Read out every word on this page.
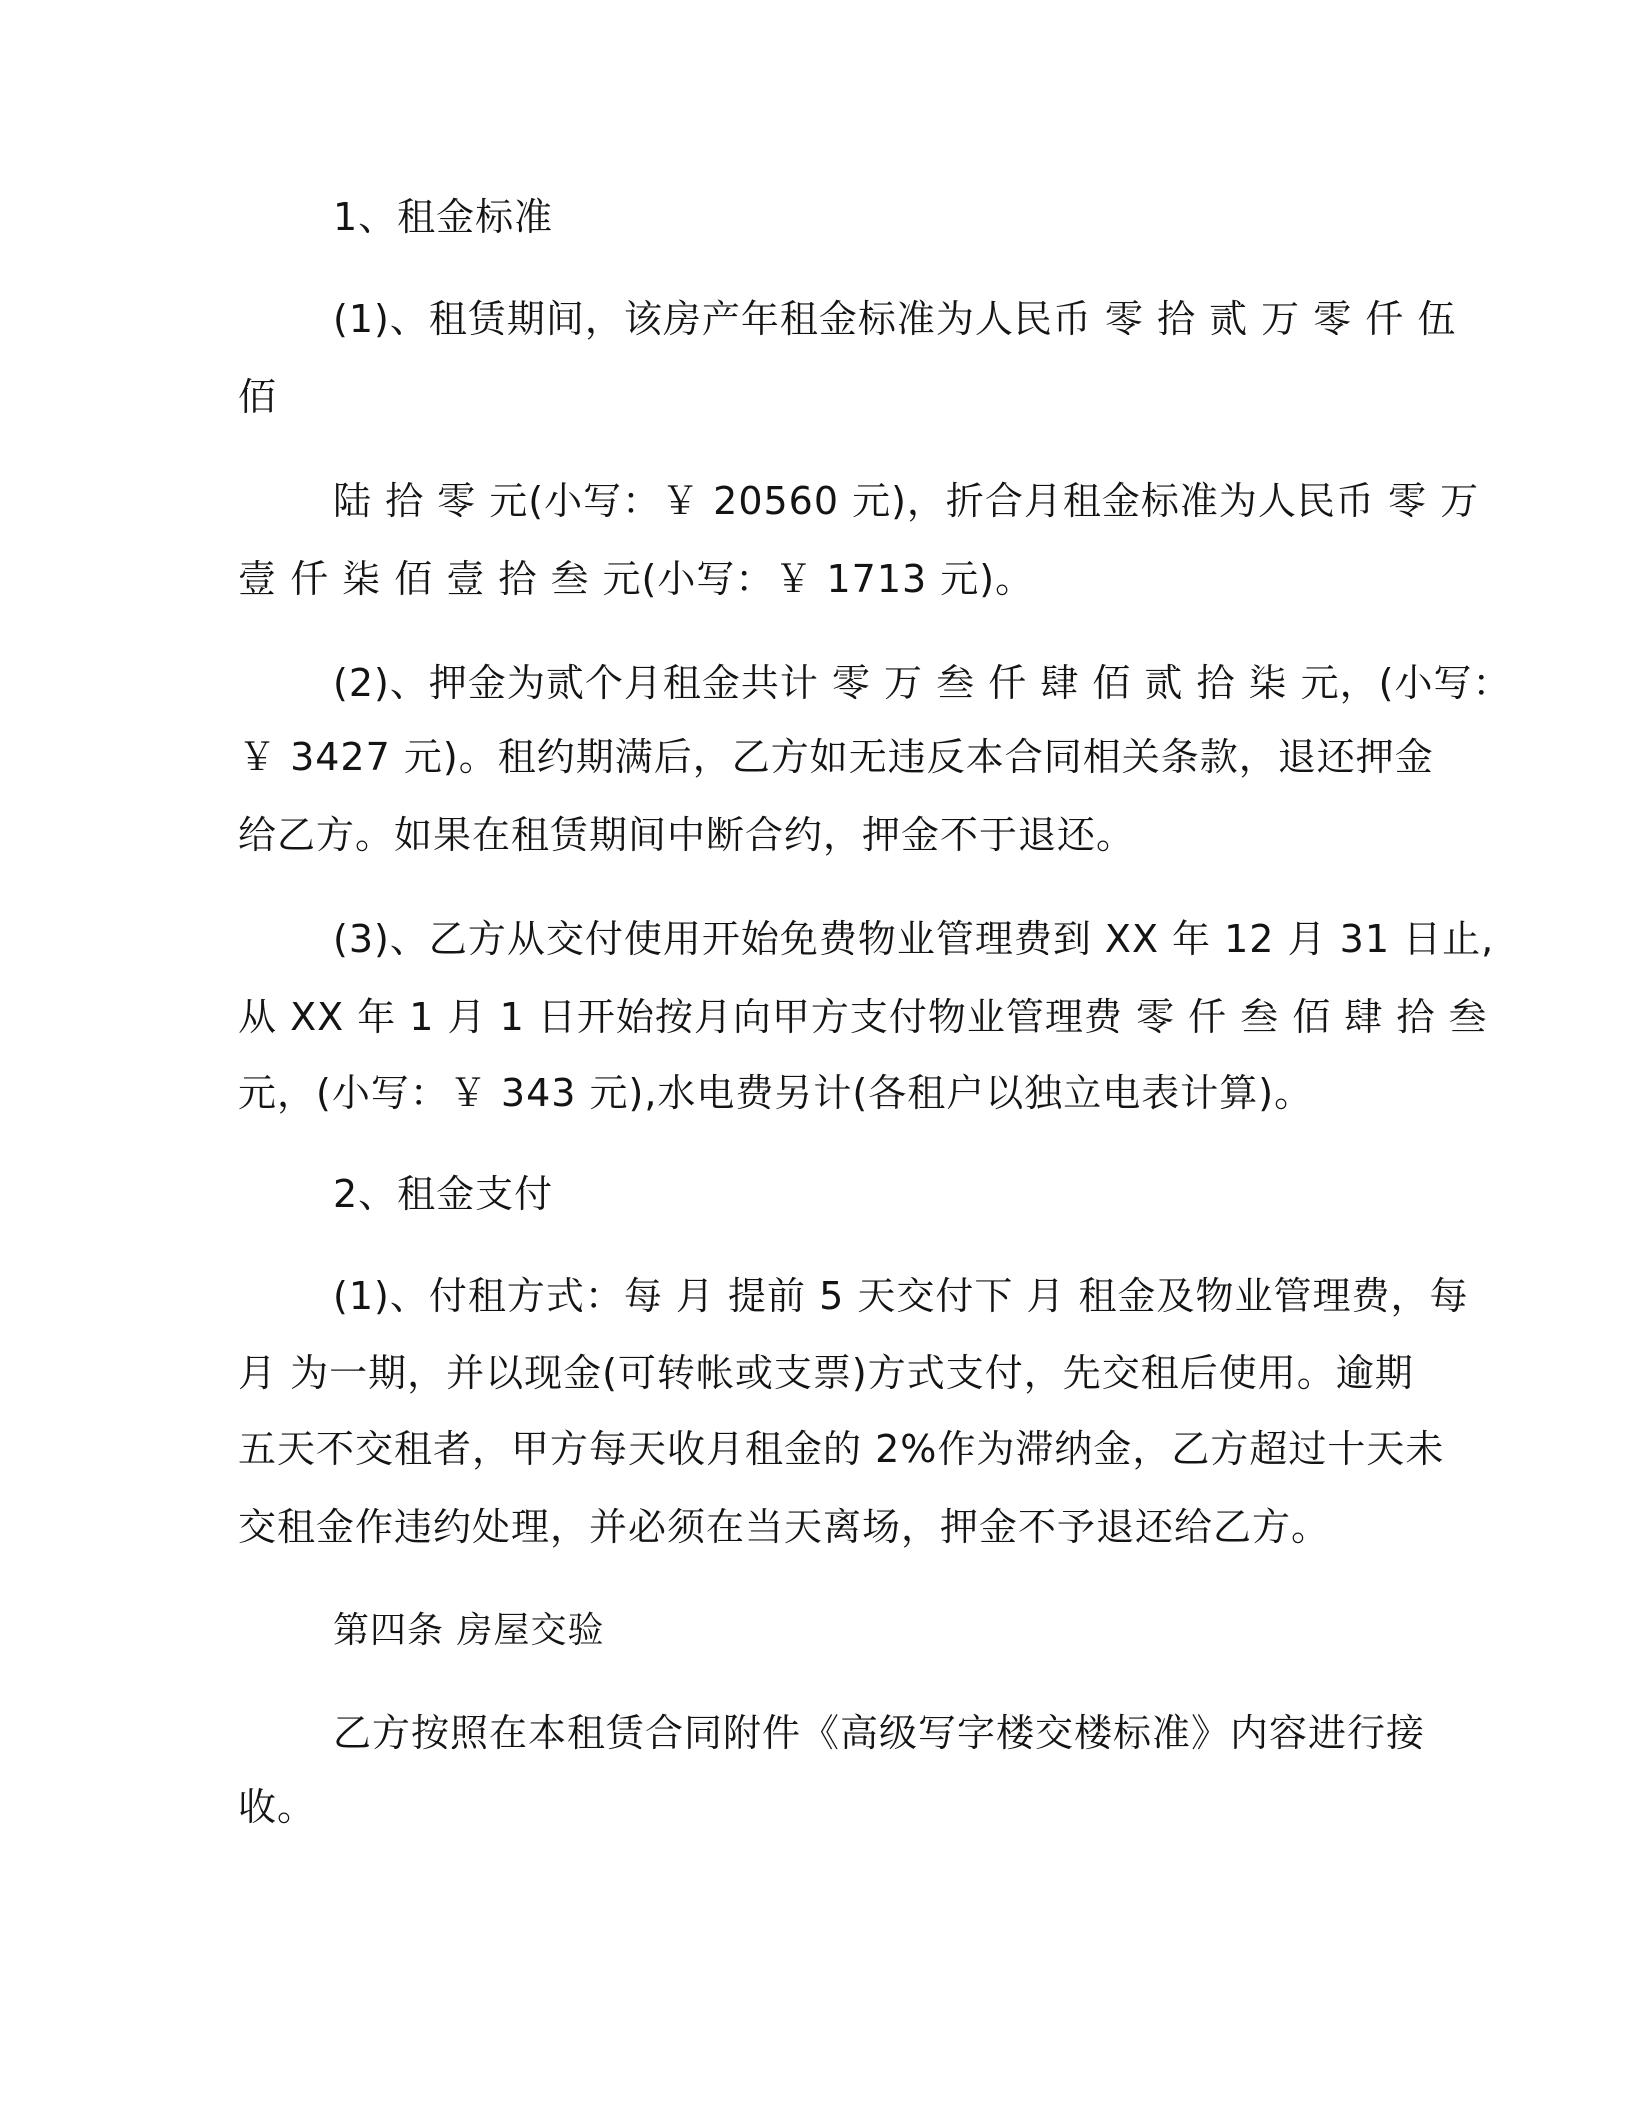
1、租金标准
(1)、租赁期间，该房产年租金标准为人民币 零 拾 贰 万 零 仟 伍
佰
陆 拾 零 元(小写：￥ 20560 元)，折合月租金标准为人民币 零 万
壹 仟 柒 佰 壹 拾 叁 元(小写：￥ 1713 元)。
(2)、押金为贰个月租金共计 零 万 叁 仟 肆 佰 贰 拾 柒 元，(小写：
￥ 3427 元)。租约期满后，乙方如无违反本合同相关条款，退还押金
给乙方。如果在租赁期间中断合约，押金不于退还。
(3)、乙方从交付使用开始免费物业管理费到 XX 年 12 月 31 日止,
从 XX 年 1 月 1 日开始按月向甲方支付物业管理费 零 仟 叁 佰 肆 拾 叁
元，(小写：￥ 343 元),水电费另计(各租户以独立电表计算)。
2、租金支付
(1)、付租方式：每 月 提前 5 天交付下 月 租金及物业管理费，每
月 为一期，并以现金(可转帐或支票)方式支付，先交租后使用。逾期
五天不交租者，甲方每天收月租金的 2%作为滞纳金，乙方超过十天未
交租金作违约处理，并必须在当天离场，押金不予退还给乙方。
第四条 房屋交验
乙方按照在本租赁合同附件《高级写字楼交楼标准》内容进行接
收。
